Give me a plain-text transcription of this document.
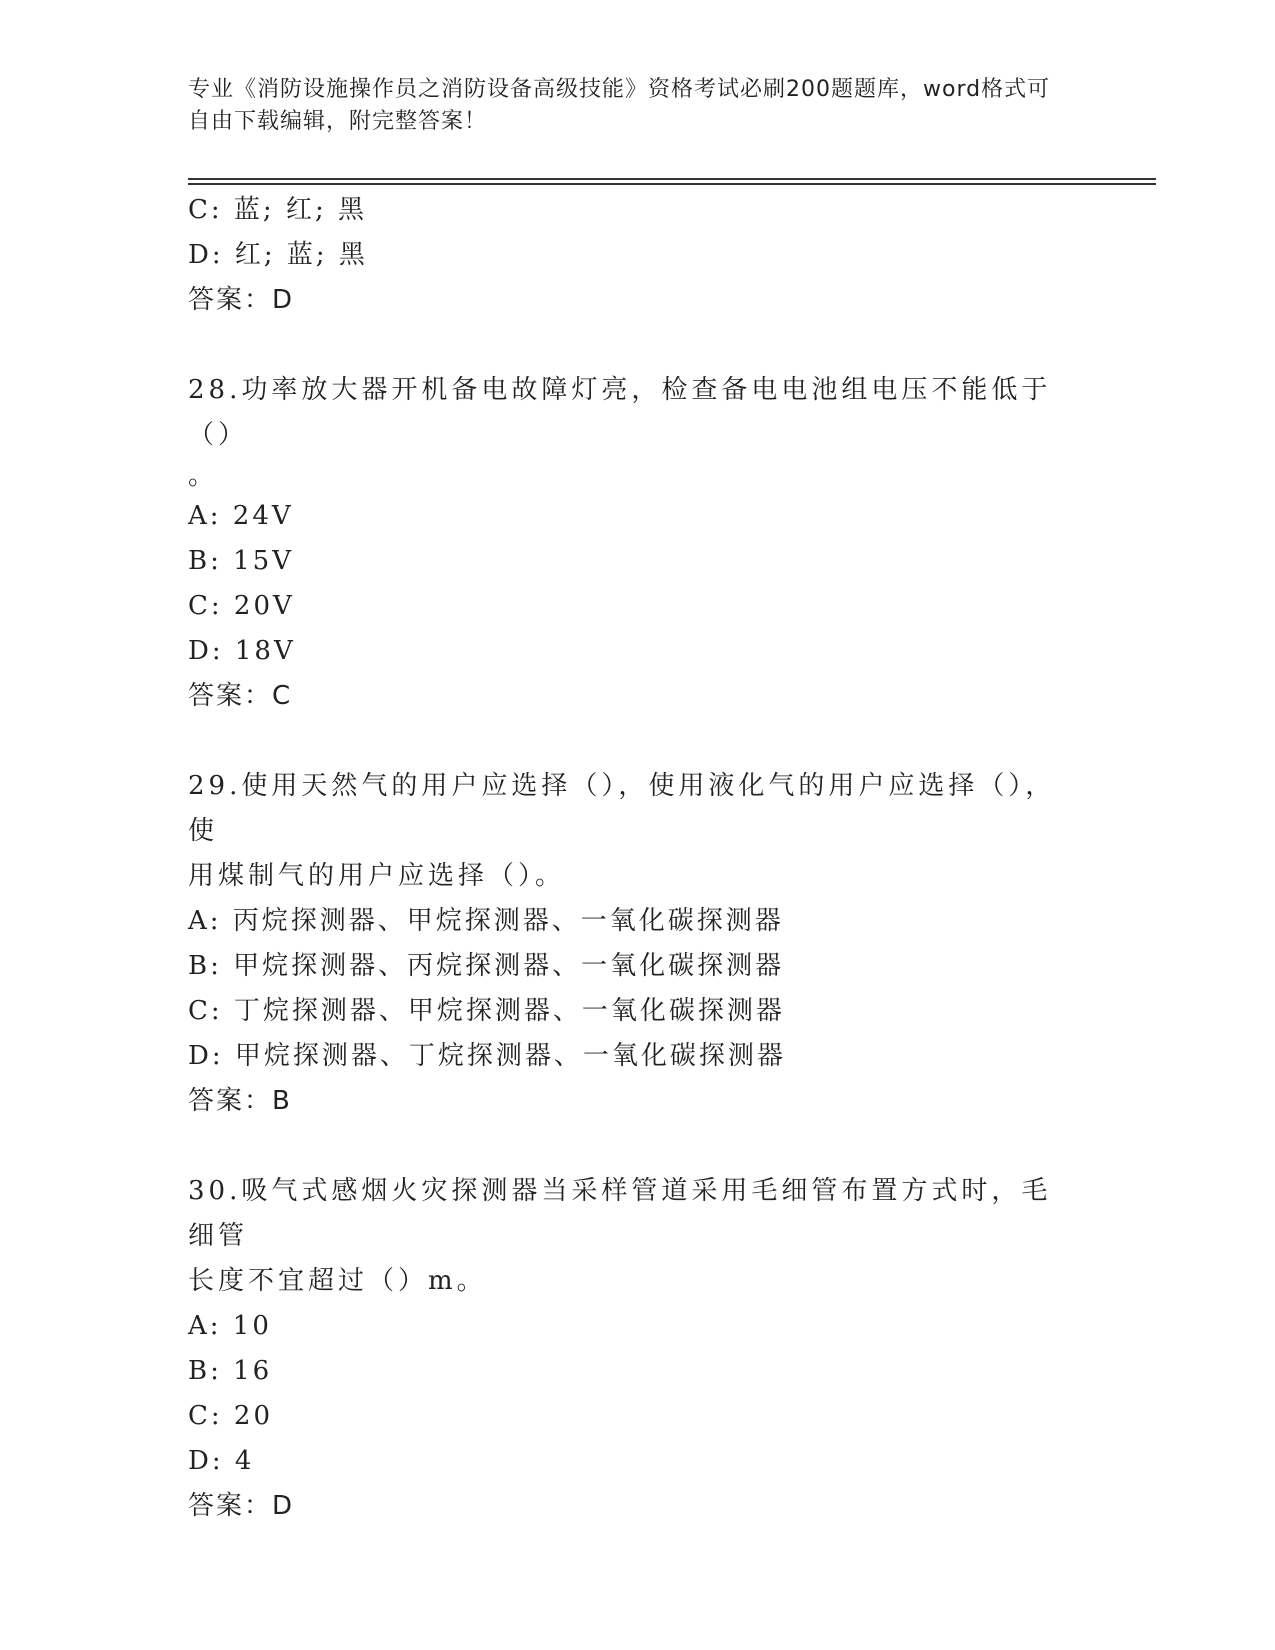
专业《消防设施操作员之消防设备高级技能》资格考试必刷200题题库，word格式可自由下载编辑，附完整答案！
C: 蓝; 红; 黑
D: 红; 蓝; 黑
答案：D
28.功率放大器开机备电故障灯亮，检查备电电池组电压不能低于（）
。
A: 24V
B: 15V
C: 20V
D: 18V
答案：C
29.使用天然气的用户应选择（），使用液化气的用户应选择（），使
用煤制气的用户应选择（）。
A: 丙烷探测器、甲烷探测器、一氧化碳探测器
B: 甲烷探测器、丙烷探测器、一氧化碳探测器
C: 丁烷探测器、甲烷探测器、一氧化碳探测器
D: 甲烷探测器、丁烷探测器、一氧化碳探测器
答案：B
30.吸气式感烟火灾探测器当采样管道采用毛细管布置方式时，毛细管
长度不宜超过（）m。
A: 10
B: 16
C: 20
D: 4
答案：D
